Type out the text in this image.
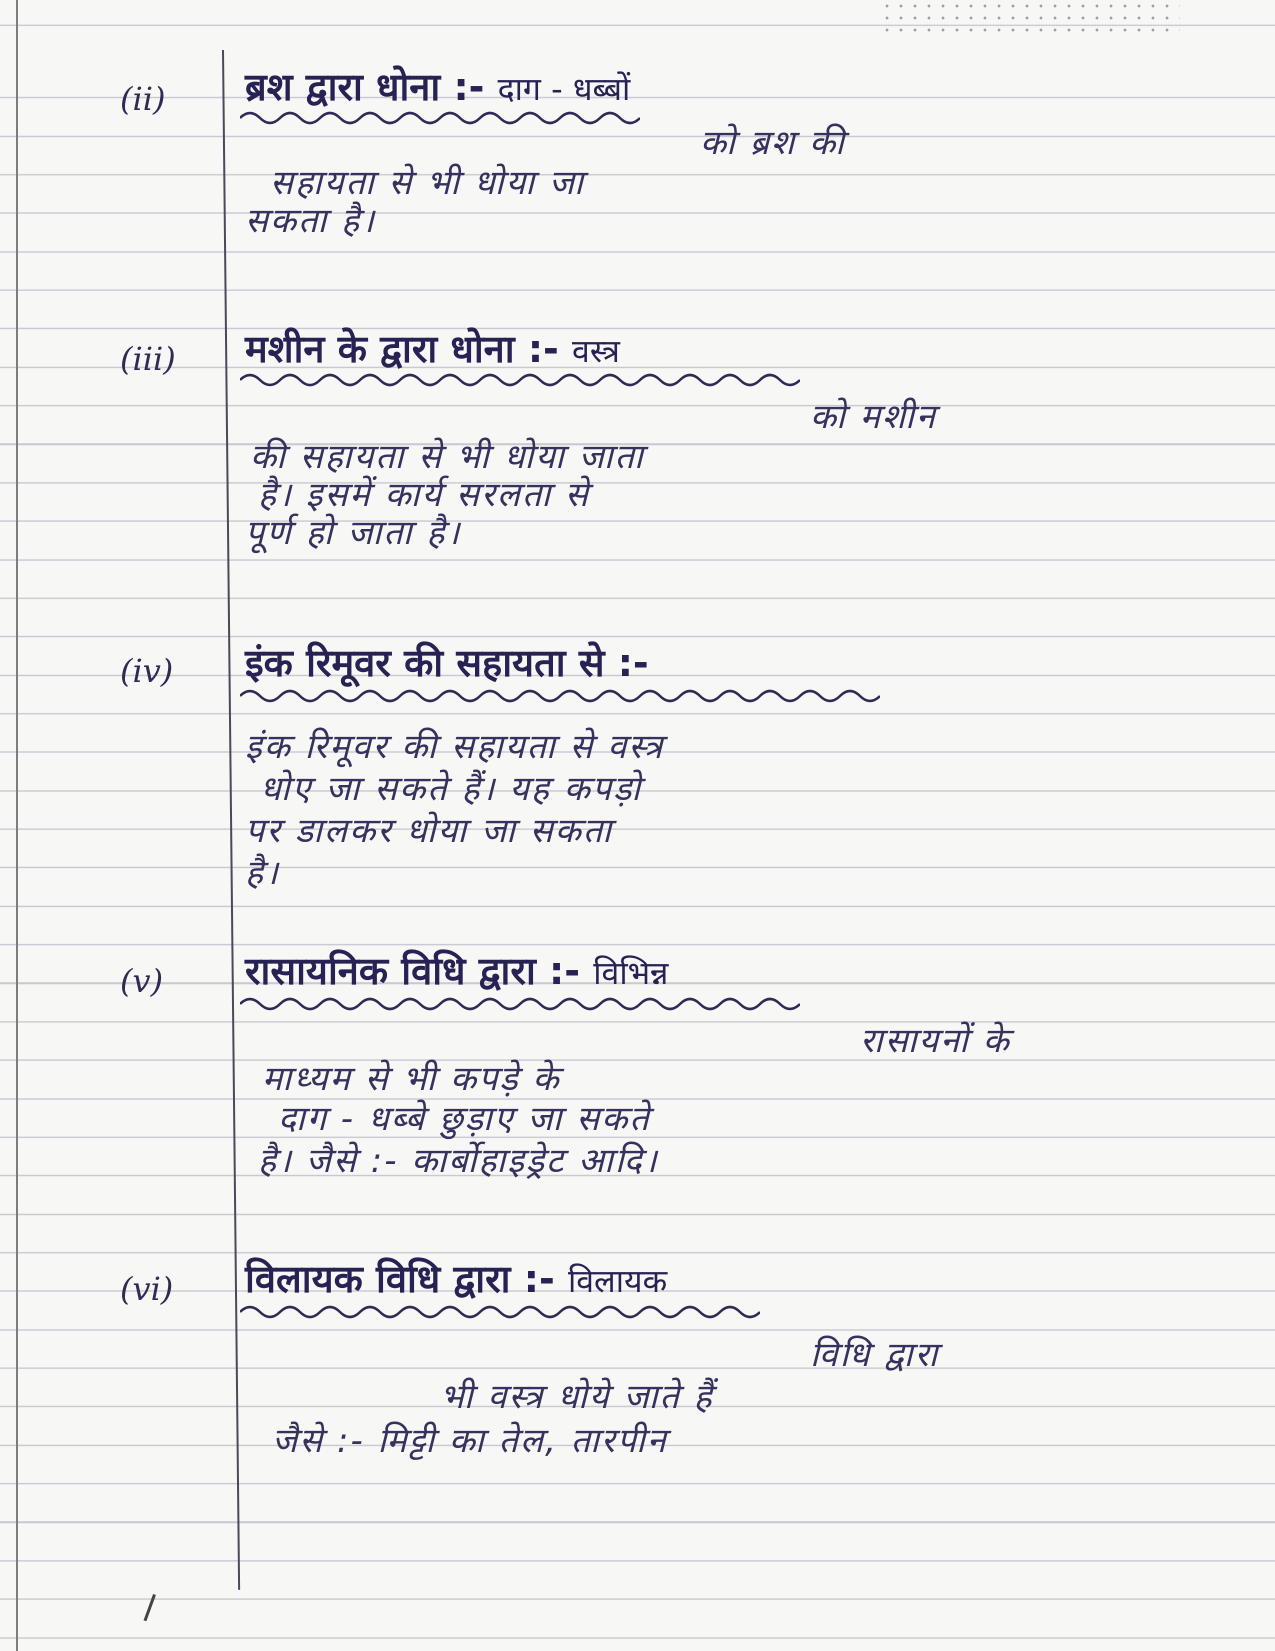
(ii) ब्रश द्वारा धोना :- दाग - धब्बों
को ब्रश की
सहायता से भी धोया जा
सकता है।
(iii) मशीन के द्वारा धोना :- वस्त्र
को मशीन
की सहायता से भी धोया जाता
है। इसमें कार्य सरलता से
पूर्ण हो जाता है।
(iv) इंक रिमूवर की सहायता से :-
इंक रिमूवर की सहायता से वस्त्र
धोए जा सकते हैं। यह कपड़ो
पर डालकर धोया जा सकता
है।
(v) रासायनिक विधि द्वारा :- विभिन्न
रासायनों के
माध्यम से भी कपड़े के
दाग - धब्बे छुड़ाए जा सकते
है। जैसे :- कार्बोहाइड्रेट आदि।
(vi) विलायक विधि द्वारा :- विलायक
विधि द्वारा
भी वस्त्र धोये जाते हैं
जैसे :- मिट्टी का तेल, तारपीन
